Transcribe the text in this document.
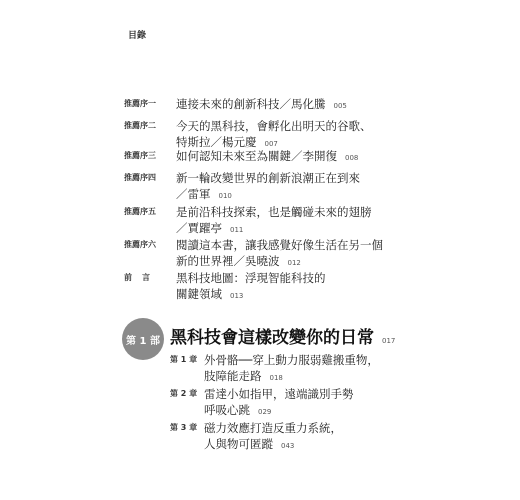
目錄
推薦序一	連接未來的創新科技／馬化騰 005
推薦序二	今天的黑科技，會孵化出明天的谷歌、
特斯拉／楊元慶 007
推薦序三	如何認知未來至為關鍵／李開復 008
推薦序四	新一輪改變世界的創新浪潮正在到來
／雷軍 010
推薦序五	是前沿科技探索，也是觸碰未來的翅膀
／賈躍亭 011
推薦序六	閱讀這本書，讓我感覺好像生活在另一個
新的世界裡／吳曉波 012
前言	黑科技地圖：浮現智能科技的
關鍵領域 013
第 1 部 黑科技會這樣改變你的日常 017
第 1 章 外骨骼──穿上動力服弱雞搬重物，
肢障能走路 018
第 2 章 雷達小如指甲，遠端識別手勢
呼吸心跳 029
第 3 章 磁力效應打造反重力系統，
人與物可匿蹤 043
